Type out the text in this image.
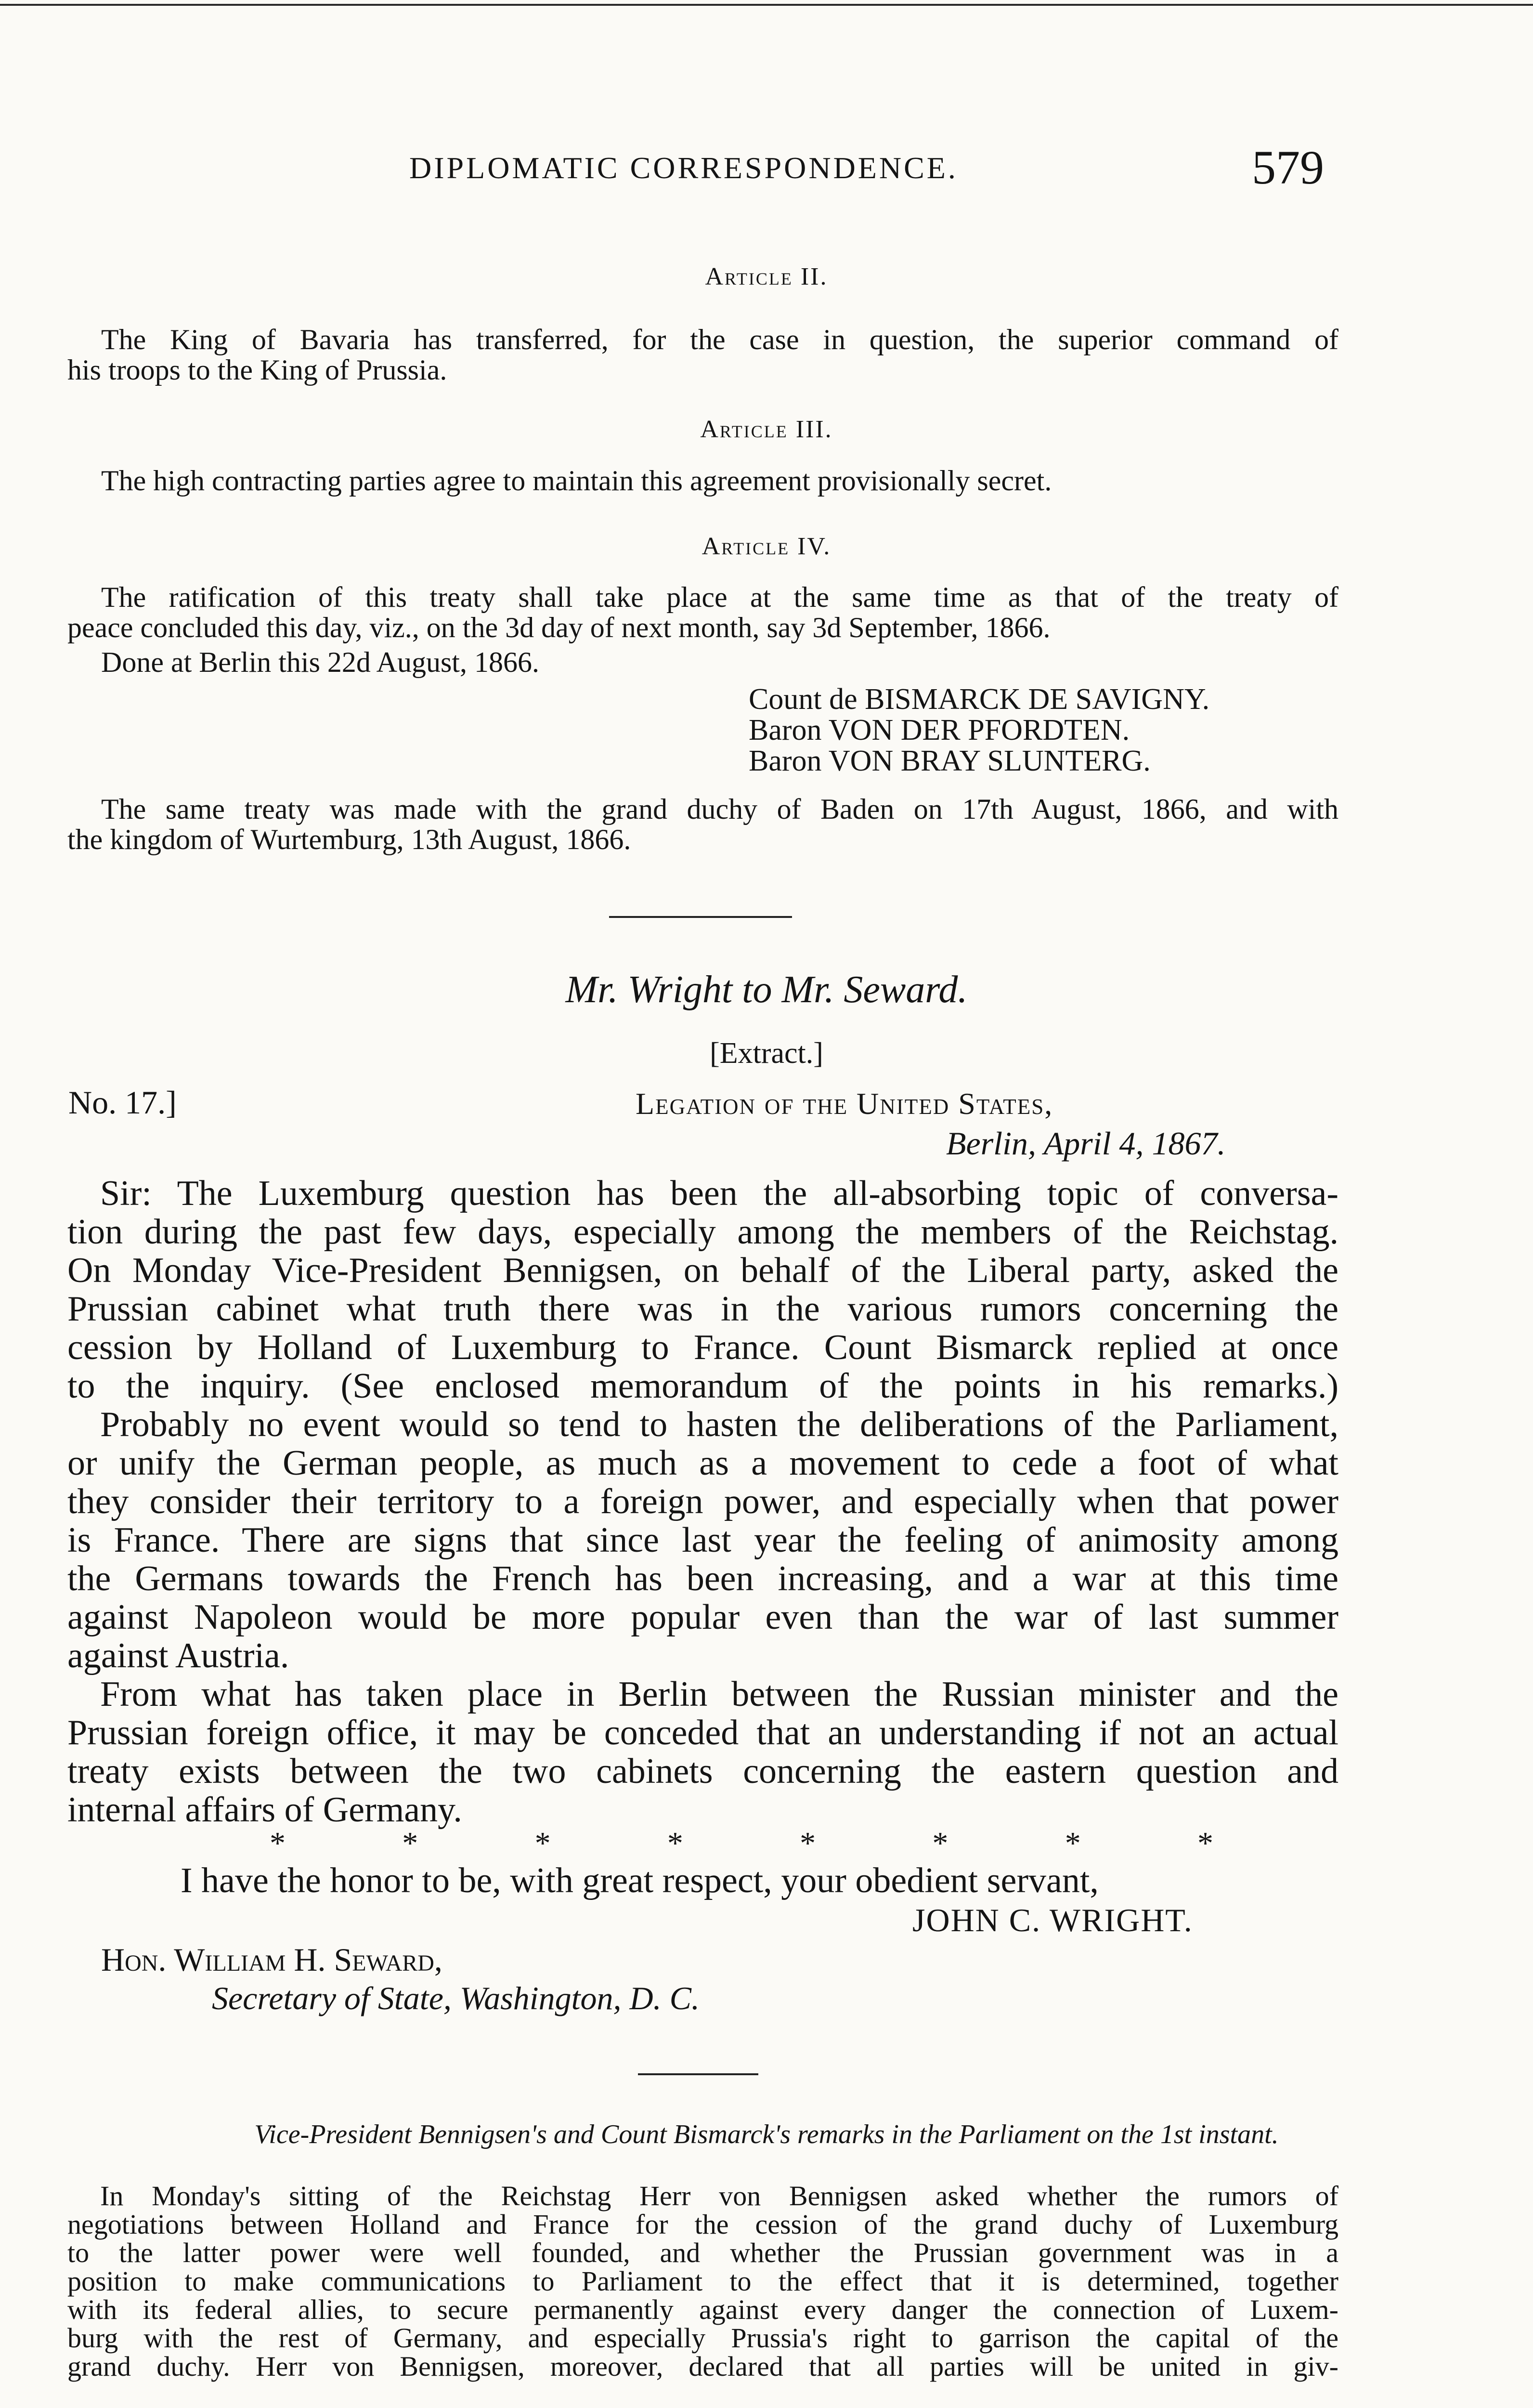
DIPLOMATIC CORRESPONDENCE.	579
Article II.

The King of Bavaria has transferred, for the case in question, the superior command of

his troops to the King of Prussia.

Article III.

The high contracting parties agree to maintain this agreement provisionally secret.

Article IV.

The ratification of this treaty shall take place at the same time as that of the treaty of

peace concluded this day, viz., on the 3d day of next month, say 3d September, 1866.

Done at Berlin this 22d August, 1866.

Count de BISMARCK DE SAVIGNY.
Baron VON DER PFORDTEN.
Baron VON BRAY SLUNTERG.

The same treaty was made with the grand duchy of Baden on 17th August, 1866, and with

the kingdom of Wurtemburg, 13th August, 1866.

Mr. Wright to Mr. Seward.
[Extract.]
No. 17.]	Legation of the United States,
Berlin, April 4, 1867.

Sir: The Luxemburg question has been the all-absorbing topic of conversa-

tion during the past few days, especially among the members of the Reichstag.

On Monday Vice-President Bennigsen, on behalf of the Liberal party, asked the

Prussian cabinet what truth there was in the various rumors concerning the

cession by Holland of Luxemburg to France. Count Bismarck replied at once

to the inquiry. (See enclosed memorandum of the points in his remarks.)

Probably no event would so tend to hasten the deliberations of the Parliament,

or unify the German people, as much as a movement to cede a foot of what

they consider their territory to a foreign power, and especially when that power

is France. There are signs that since last year the feeling of animosity among

the Germans towards the French has been increasing, and a war at this time

against Napoleon would be more popular even than the war of last summer

against Austria.

From what has taken place in Berlin between the Russian minister and the

Prussian foreign office, it may be conceded that an understanding if not an actual

treaty exists between the two cabinets concerning the eastern question and

internal affairs of Germany.

*	*	*	*	*	*	*	*

I have the honor to be, with great respect, your obedient servant,

JOHN C. WRIGHT.
Hon. William H. Seward,
Secretary of State, Washington, D. C.
Vice-President Bennigsen's and Count Bismarck's remarks in the Parliament on the 1st instant.

In Monday's sitting of the Reichstag Herr von Bennigsen asked whether the rumors of

negotiations between Holland and France for the cession of the grand duchy of Luxemburg

to the latter power were well founded, and whether the Prussian government was in a

position to make communications to Parliament to the effect that it is determined, together

with its federal allies, to secure permanently against every danger the connection of Luxem-

burg with the rest of Germany, and especially Prussia's right to garrison the capital of the

grand duchy. Herr von Bennigsen, moreover, declared that all parties will be united in giv-
